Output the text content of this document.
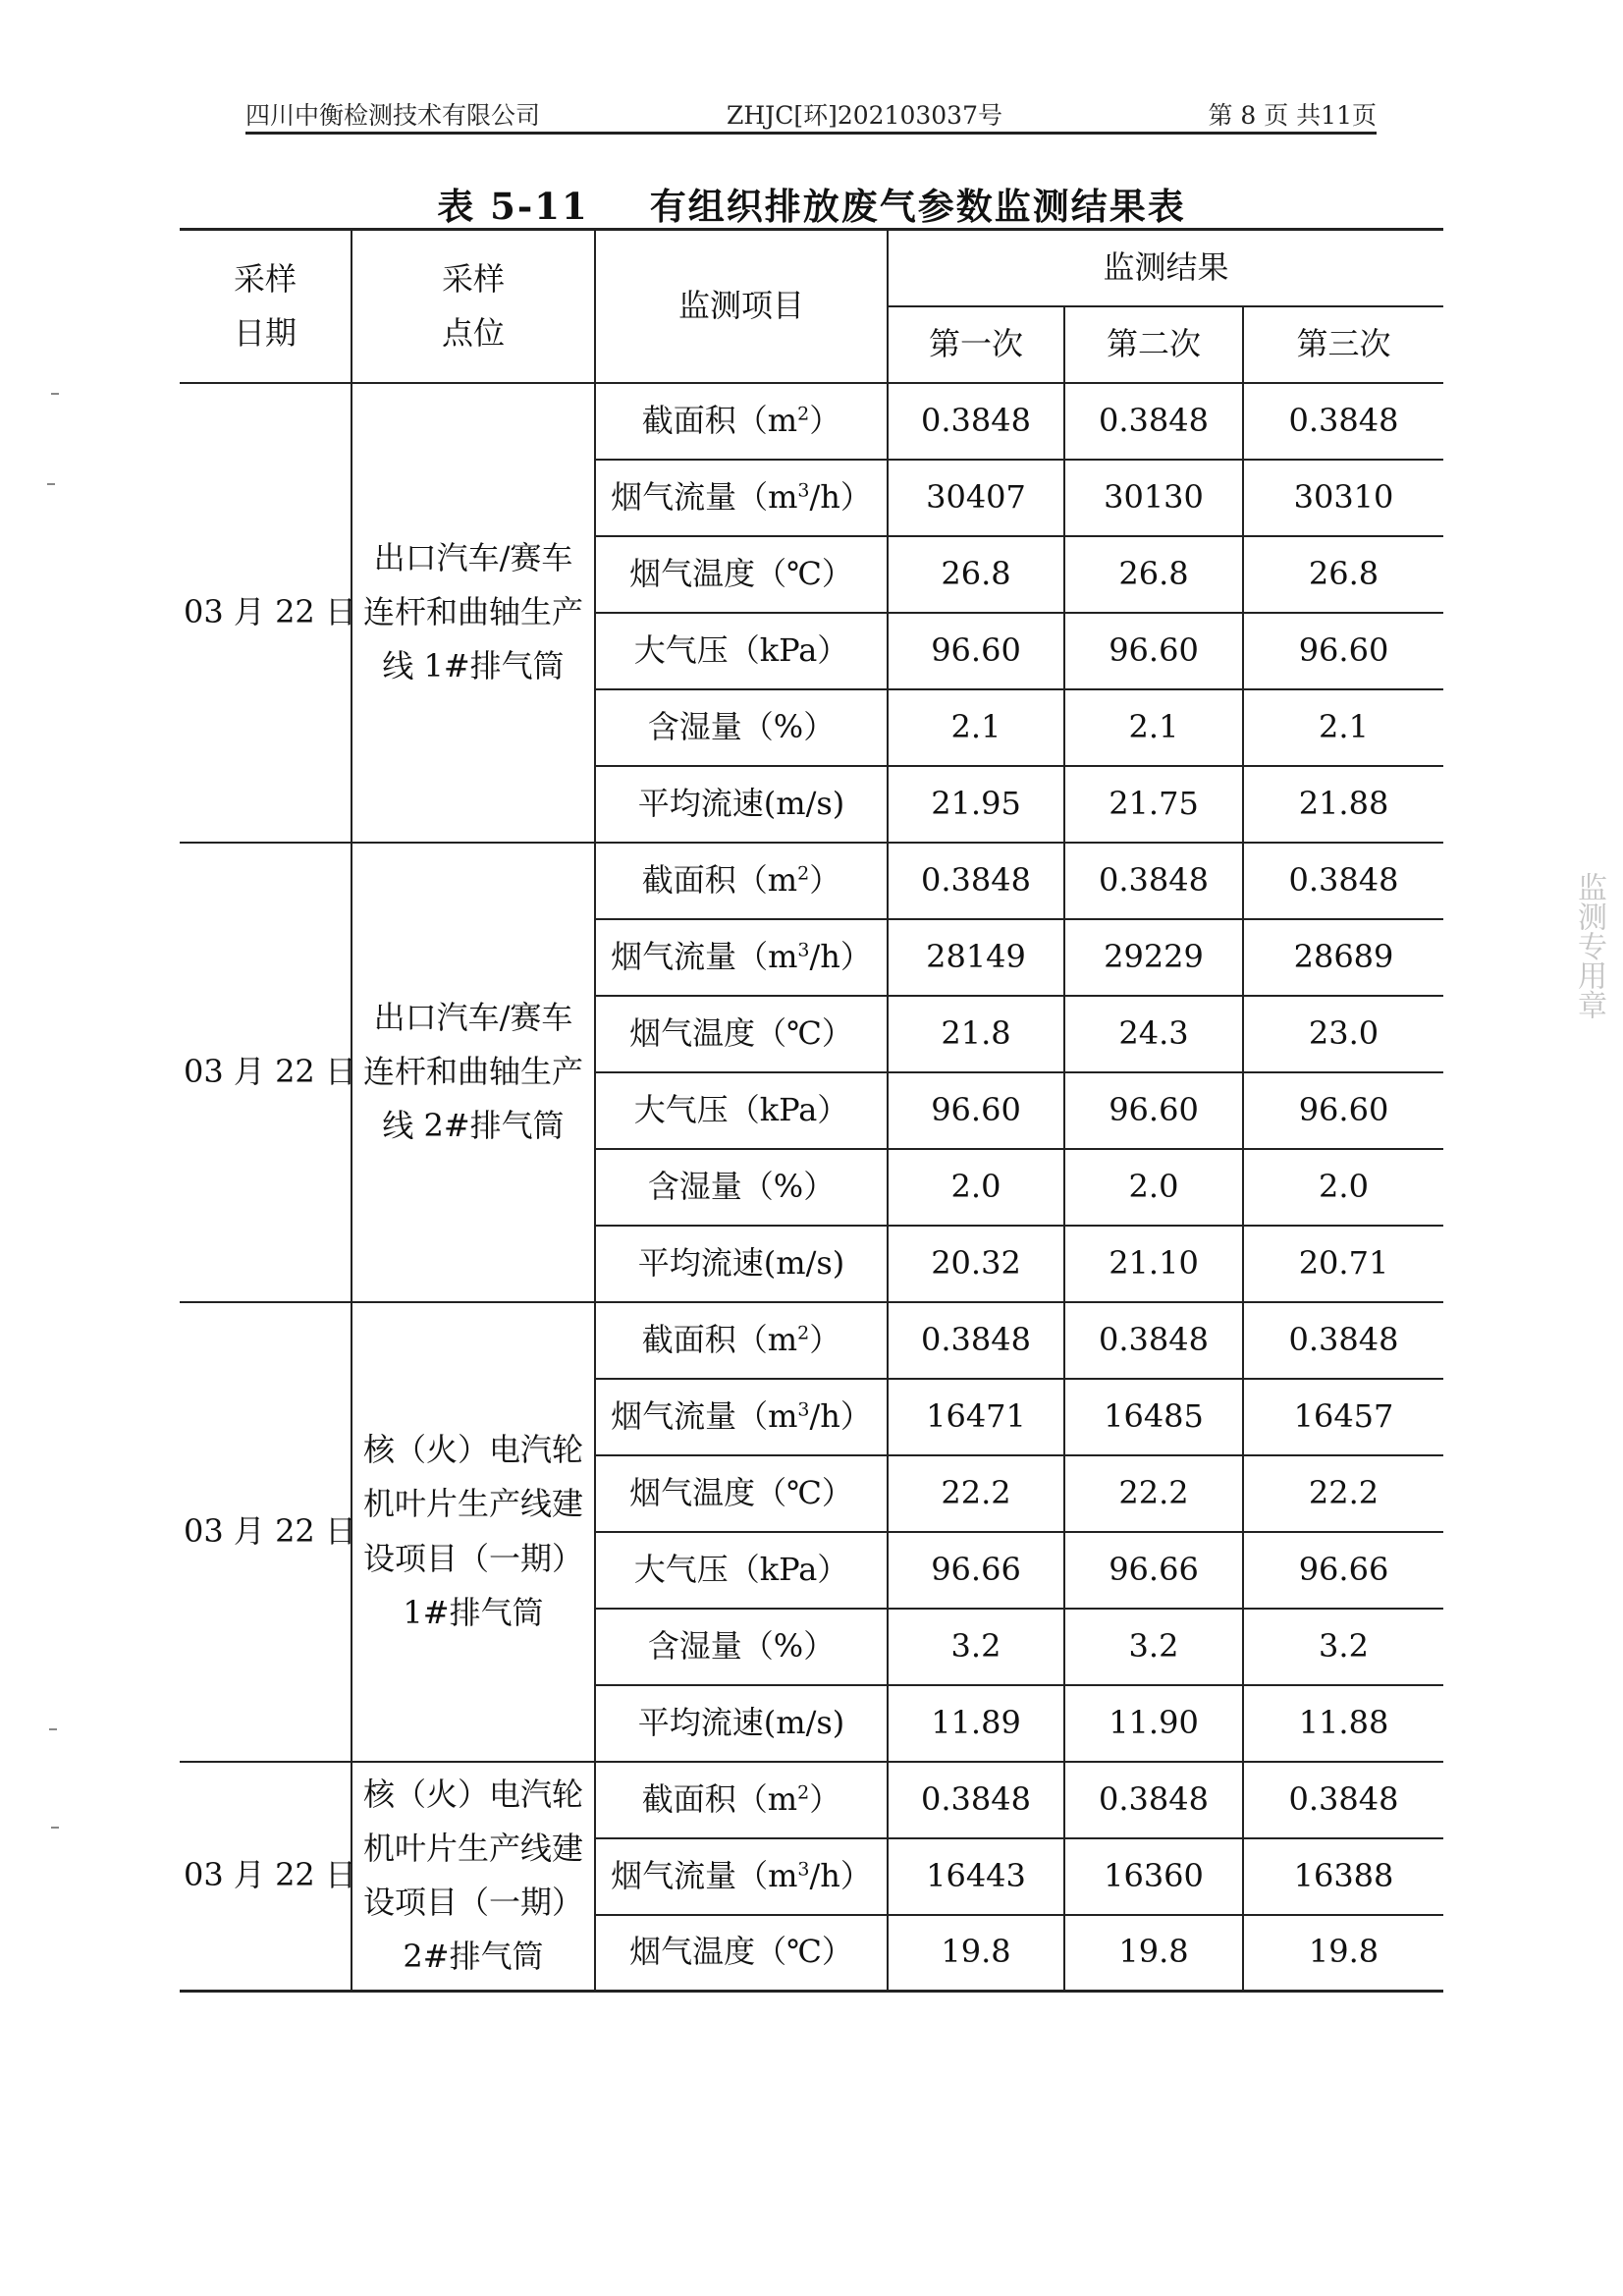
四川中衡检测技术有限公司	ZHJC[环]202103037号	第 8 页 共11页
表 5-11 有组织排放废气参数监测结果表
采样
日期	采样
点位	监测项目	监测结果		
			第一次	第二次	第三次
03 月 22 日	出口汽车/赛车
连杆和曲轴生产
线 1#排气筒	截面积$(m^2)$	0.3848	0.3848	0.3848
		烟气流量$(m^3/h)$	30407	30130	30310
		烟气温度（℃）	26.8	26.8	26.8
		大气压（kPa）	96.60	96.60	96.60
		含湿量（%）	2.1	2.1	2.1
		平均流速(m/s)	21.95	21.75	21.88
03 月 22 日	出口汽车/赛车
连杆和曲轴生产
线 2#排气筒	截面积$(m^2)$	0.3848	0.3848	0.3848
		烟气流量$(m^3/h)$	28149	29229	28689
		烟气温度（℃）	21.8	24.3	23.0
		大气压（kPa）	96.60	96.60	96.60
		含湿量（%）	2.0	2.0	2.0
		平均流速(m/s)	20.32	21.10	20.71
03 月 22 日	核（火）电汽轮
机叶片生产线建
设项目（一期）
1#排气筒	截面积$(m^2)$	0.3848	0.3848	0.3848
		烟气流量$(m^3/h)$	16471	16485	16457
		烟气温度（℃）	22.2	22.2	22.2
		大气压（kPa）	96.66	96.66	96.66
		含湿量（%）	3.2	3.2	3.2
		平均流速(m/s)	11.89	11.90	11.88
03 月 22 日	核（火）电汽轮
机叶片生产线建
设项目（一期）
2#排气筒	截面积$(m^2)$	0.3848	0.3848	0.3848
		烟气流量$(m^3/h)$	16443	16360	16388
		烟气温度（℃）	19.8	19.8	19.8
监测专用章
